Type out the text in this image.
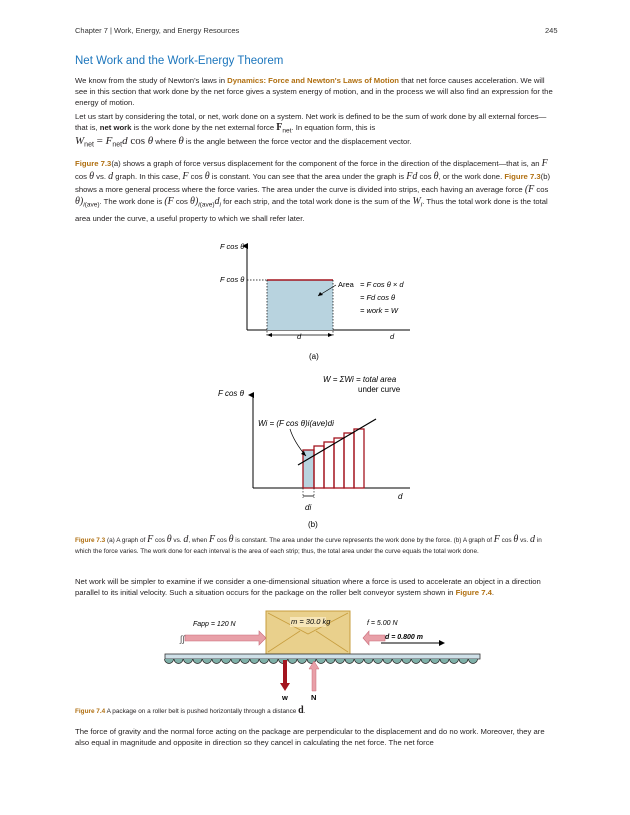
Chapter 7 | Work, Energy, and Energy Resources	245
Net Work and the Work-Energy Theorem

We know from the study of Newton's laws in Dynamics: Force and Newton's Laws of Motion that net force causes acceleration. We will see in this section that work done by the net force gives a system energy of motion, and in the process we will also find an expression for the energy of motion.

Let us start by considering the total, or net, work done on a system. Net work is defined to be the sum of work done by all external forces—that is, net work is the work done by the net external force $F_{net}$. In equation form, this is

$W_{net} = F_{net}d$ cos θ where θ is the angle between the force vector and the displacement vector.

Figure 7.3(a) shows a graph of force versus displacement for the component of the force in the direction of the displacement—that is, an F cos θ vs. d graph. In this case, F cos θ is constant. You can see that the area under the graph is Fd cos θ, or the work done. Figure 7.3(b) shows a more general process where the force varies. The area under the curve is divided into strips, each having an average force (F $\cos \theta)_{i(ave)}$. The work done is (F $\cos \theta)_{i(ave)}d_i$ for each strip, and the total work done is the sum of the $W_i$. Thus the total work done is the total area under the curve, a useful property to which we shall refer later.

F cos θ
F cos θ
Area = F cos θ × d
= Fd cos θ
= work = W
d	d
(a)
W = ΣWi = total area
under curve
F cos θ
Wi = (F cos θ)i(ave)di
di
d
(b)

Figure 7.3 (a) A graph of F cos θ vs. d, when F cos θ is constant. The area under the curve represents the work done by the force. (b) A graph of F cos θ vs. d in which the force varies. The work done for each interval is the area of each strip; thus, the total area under the curve equals the total work done.

Net work will be simpler to examine if we consider a one-dimensional situation where a force is used to accelerate an object in a direction parallel to its initial velocity. Such a situation occurs for the package on the roller belt conveyor system shown in Figure 7.4.

m = 30.0 kg
∫∫
Fapp = 120 N	f = 5.00 N
d = 0.800 m
w	N

Figure 7.4 A package on a roller belt is pushed horizontally through a distance d.

The force of gravity and the normal force acting on the package are perpendicular to the displacement and do no work. Moreover, they are also equal in magnitude and opposite in direction so they cancel in calculating the net force. The net force
